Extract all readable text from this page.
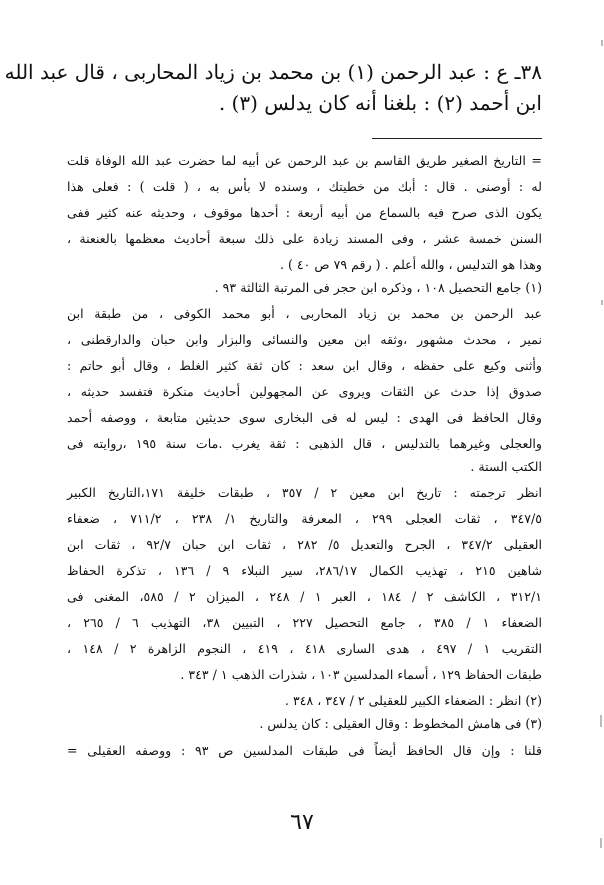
٣٨ـ ع : عبد الرحمن (١) بن محمد بن زياد المحاربى ، قال عبد الله
ابن أحمد (٢) : بلغنا أنه كان يدلس (٣) .
= التاريخ الصغير طريق القاسم بن عبد الرحمن عن أبيه لما حضرت عبد الله الوفاة قلت
له : أوصنى . قال : أبك من خطيتك ، وسنده لا بأس به ، ( قلت ) : فعلى هذا
يكون الذى صرح فيه بالسماع من أبيه أربعة : أحدها موقوف ، وحديثه عنه كثير ففى
السنن خمسة عشر ، وفى المسند زيادة على ذلك سبعة أحاديث معظمها بالعنعنة ،
وهذا هو التدليس ، والله أعلم . ( رقم ٧٩ ص ٤٠ ) .
(١) جامع التحصيل ١٠٨ ، وذكره ابن حجر فى المرتبة الثالثة ٩٣ .
عبد الرحمن بن محمد بن زياد المحاربى ، أبو محمد الكوفى ، من طبقة ابن
نمير ، محدث مشهور ،وثقه ابن معين والنسائى والبزار وابن حبان والدارقطنى ،
وأثنى وكيع على حفظه ، وقال ابن سعد : كان ثقة كثير الغلط ، وقال أبو حاتم :
صدوق إذا حدث عن الثقات ويروى عن المجهولين أحاديث منكرة فتفسد حديثه ،
وقال الحافظ فى الهدى : ليس له فى البخارى سوى حديثين متابعة ، ووصفه أحمد
والعجلى وغيرهما بالتدليس ، قال الذهبى : ثقة يغرب .مات سنة ١٩٥ ،روايته فى
الكتب الستة .
انظر ترجمته : تاريخ ابن معين ٢ / ٣٥٧ ، طبقات خليفة ١٧١،التاريخ الكبير
٣٤٧/٥ ، ثقات العجلى ٢٩٩ ، المعرفة والتاريخ ١/ ٢٣٨ ، ٧١١/٢ ، ضعفاء
العقيلى ٣٤٧/٢ ، الجرح والتعديل ٥/ ٢٨٢ ، ثقات ابن حبان ٩٢/٧ ، ثقات ابن
شاهين ٢١٥ ، تهذيب الكمال ٢٨٦/١٧، سير النبلاء ٩ / ١٣٦ ، تذكرة الحفاظ
٣١٢/١ ، الكاشف ٢ / ١٨٤ ، العبر ١ / ٢٤٨ ، الميزان ٢ / ٥٨٥، المغنى فى
الضعفاء ١ / ٣٨٥ ، جامع التحصيل ٢٢٧ ، التبيين ٣٨، التهذيب ٦ / ٢٦٥ ،
التقريب ١ / ٤٩٧ ، هدى السارى ٤١٨ ، ٤١٩ ، النجوم الزاهرة ٢ / ١٤٨ ،
طبقات الحفاظ ١٢٩ ، أسماء المدلسين ١٠٣ ، شذرات الذهب ١ / ٣٤٣ .
(٢) انظر : الضعفاء الكبير للعقيلى ٢ / ٣٤٧ ، ٣٤٨ .
(٣) فى هامش المخطوط : وقال العقيلى : كان يدلس .
قلنا : وإن قال الحافظ أيضاً فى طبقات المدلسين ص ٩٣ : ووصفه العقيلى =
٦٧
